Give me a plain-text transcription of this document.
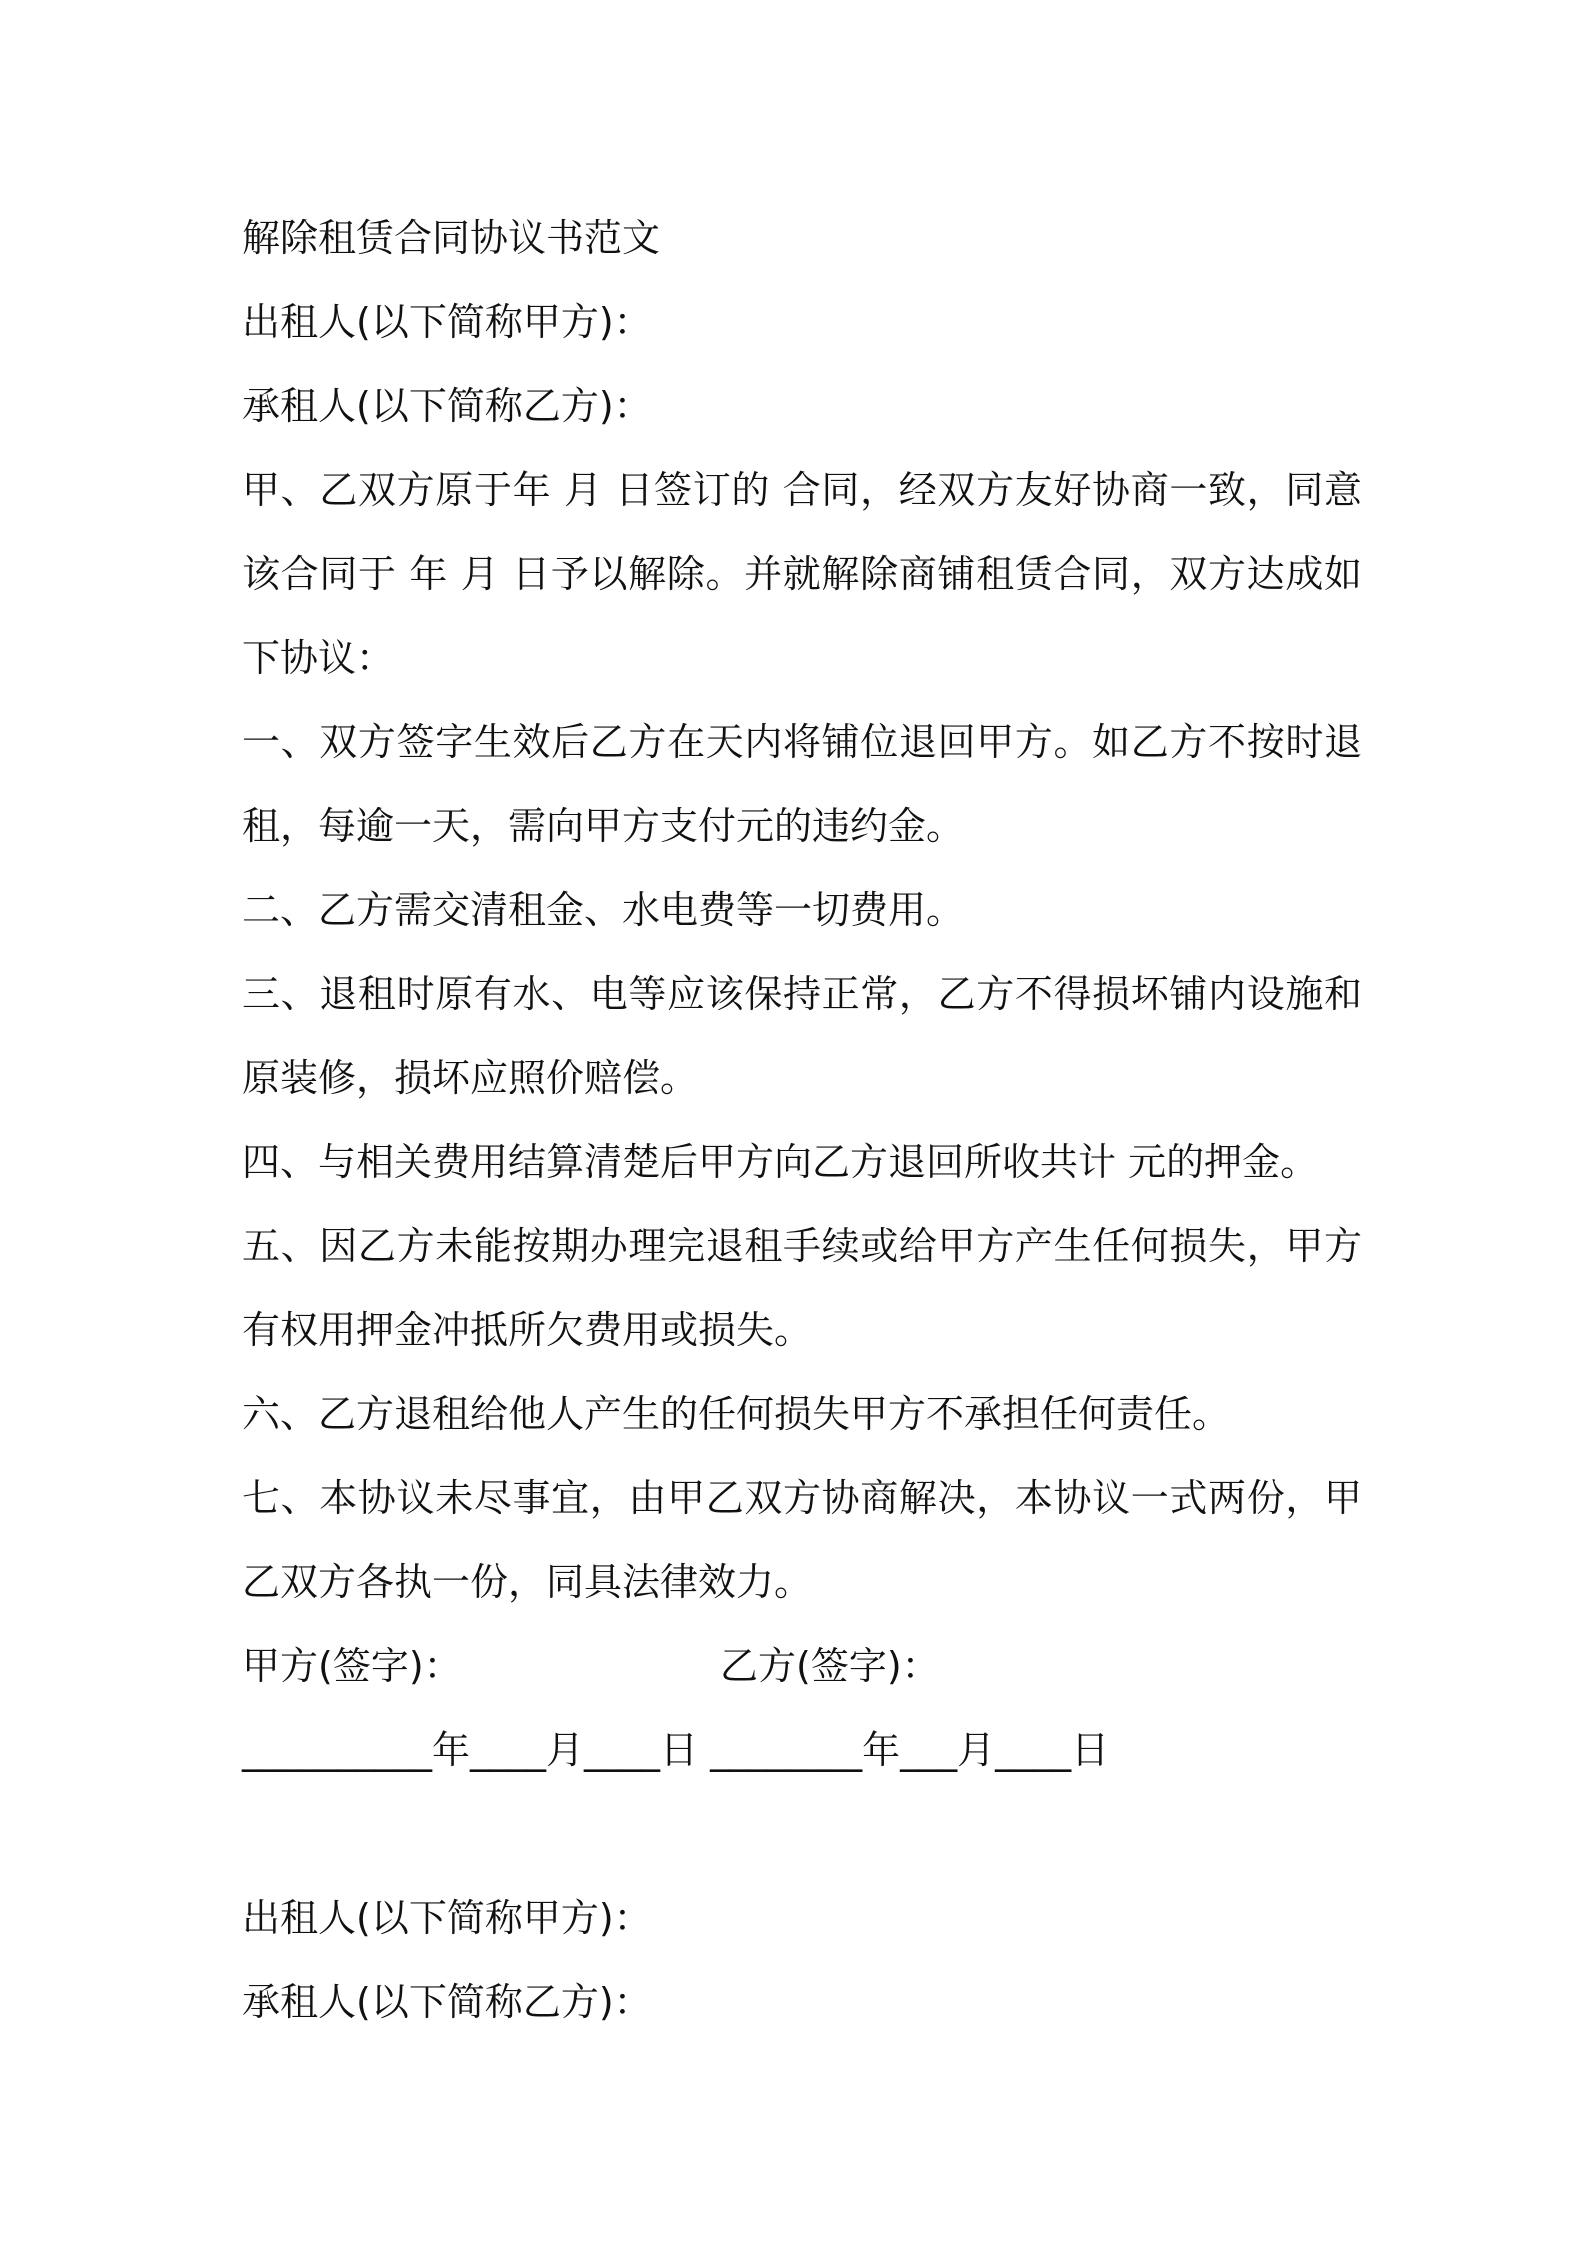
解除租赁合同协议书范文

出租人(以下简称甲方)：

承租人(以下简称乙方)：

甲、乙双方原于年 月 日签订的 合同，经双方友好协商一致，同意该合同于 年 月 日予以解除。并就解除商铺租赁合同，双方达成如下协议：

一、双方签字生效后乙方在天内将铺位退回甲方。如乙方不按时退租，每逾一天，需向甲方支付元的违约金。

二、乙方需交清租金、水电费等一切费用。

三、退租时原有水、电等应该保持正常，乙方不得损坏铺内设施和原装修，损坏应照价赔偿。

四、与相关费用结算清楚后甲方向乙方退回所收共计 元的押金。

五、因乙方未能按期办理完退租手续或给甲方产生任何损失，甲方有权用押金冲抵所欠费用或损失。

六、乙方退租给他人产生的任何损失甲方不承担任何责任。

七、本协议未尽事宜，由甲乙双方协商解决，本协议一式两份，甲乙双方各执一份，同具法律效力。

甲方(签字)：	乙方(签字)：

__________年____月____日 ________年___月____日

出租人(以下简称甲方)：

承租人(以下简称乙方)：
